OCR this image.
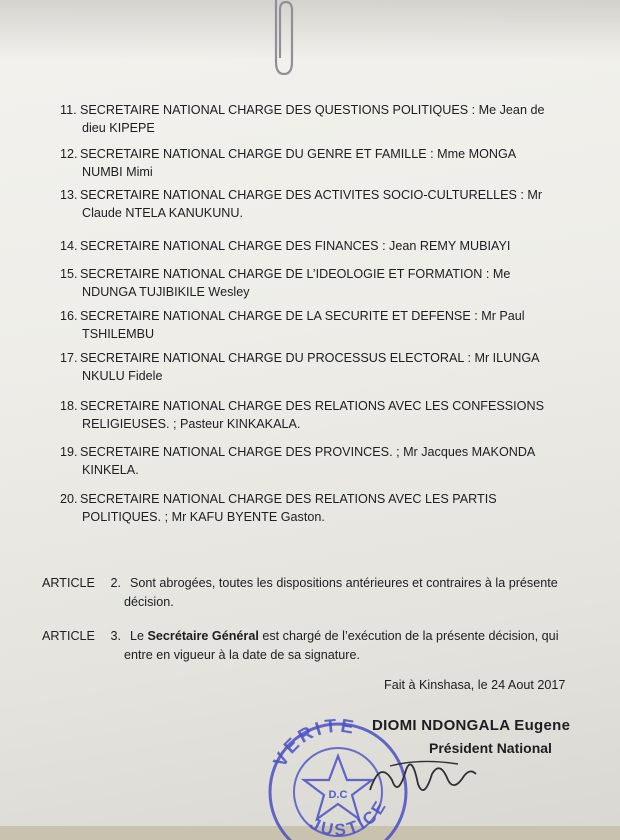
11. SECRETAIRE NATIONAL CHARGE DES QUESTIONS POLITIQUES : Me Jean de
dieu KIPEPE
12. SECRETAIRE NATIONAL CHARGE DU GENRE ET FAMILLE : Mme MONGA
NUMBI Mimi
13. SECRETAIRE NATIONAL CHARGE DES ACTIVITES SOCIO-CULTURELLES : Mr
Claude NTELA KANUKUNU.
14. SECRETAIRE NATIONAL CHARGE DES FINANCES : Jean REMY MUBIAYI
15. SECRETAIRE NATIONAL CHARGE DE L’IDEOLOGIE ET FORMATION : Me
NDUNGA TUJIBIKILE Wesley
16. SECRETAIRE NATIONAL CHARGE DE LA SECURITE ET DEFENSE : Mr Paul
TSHILEMBU
17. SECRETAIRE NATIONAL CHARGE DU PROCESSUS ELECTORAL : Mr ILUNGA
NKULU Fidele
18. SECRETAIRE NATIONAL CHARGE DES RELATIONS AVEC LES CONFESSIONS
RELIGIEUSES. ; Pasteur KINKAKALA.
19. SECRETAIRE NATIONAL CHARGE DES PROVINCES. ; Mr Jacques MAKONDA
KINKELA.
20. SECRETAIRE NATIONAL CHARGE DES RELATIONS AVEC LES PARTIS
POLITIQUES. ; Mr KAFU BYENTE Gaston.
ARTICLE 2. Sont abrogées, toutes les dispositions antérieures et contraires à la présente
décision.
ARTICLE 3. Le Secrétaire Général est chargé de l’exécution de la présente décision, qui
entre en vigueur à la date de sa signature.
Fait à Kinshasa, le 24 Aout 2017
VERITE
D.C
JUSTICE
DIOMI NDONGALA Eugene
Président National
